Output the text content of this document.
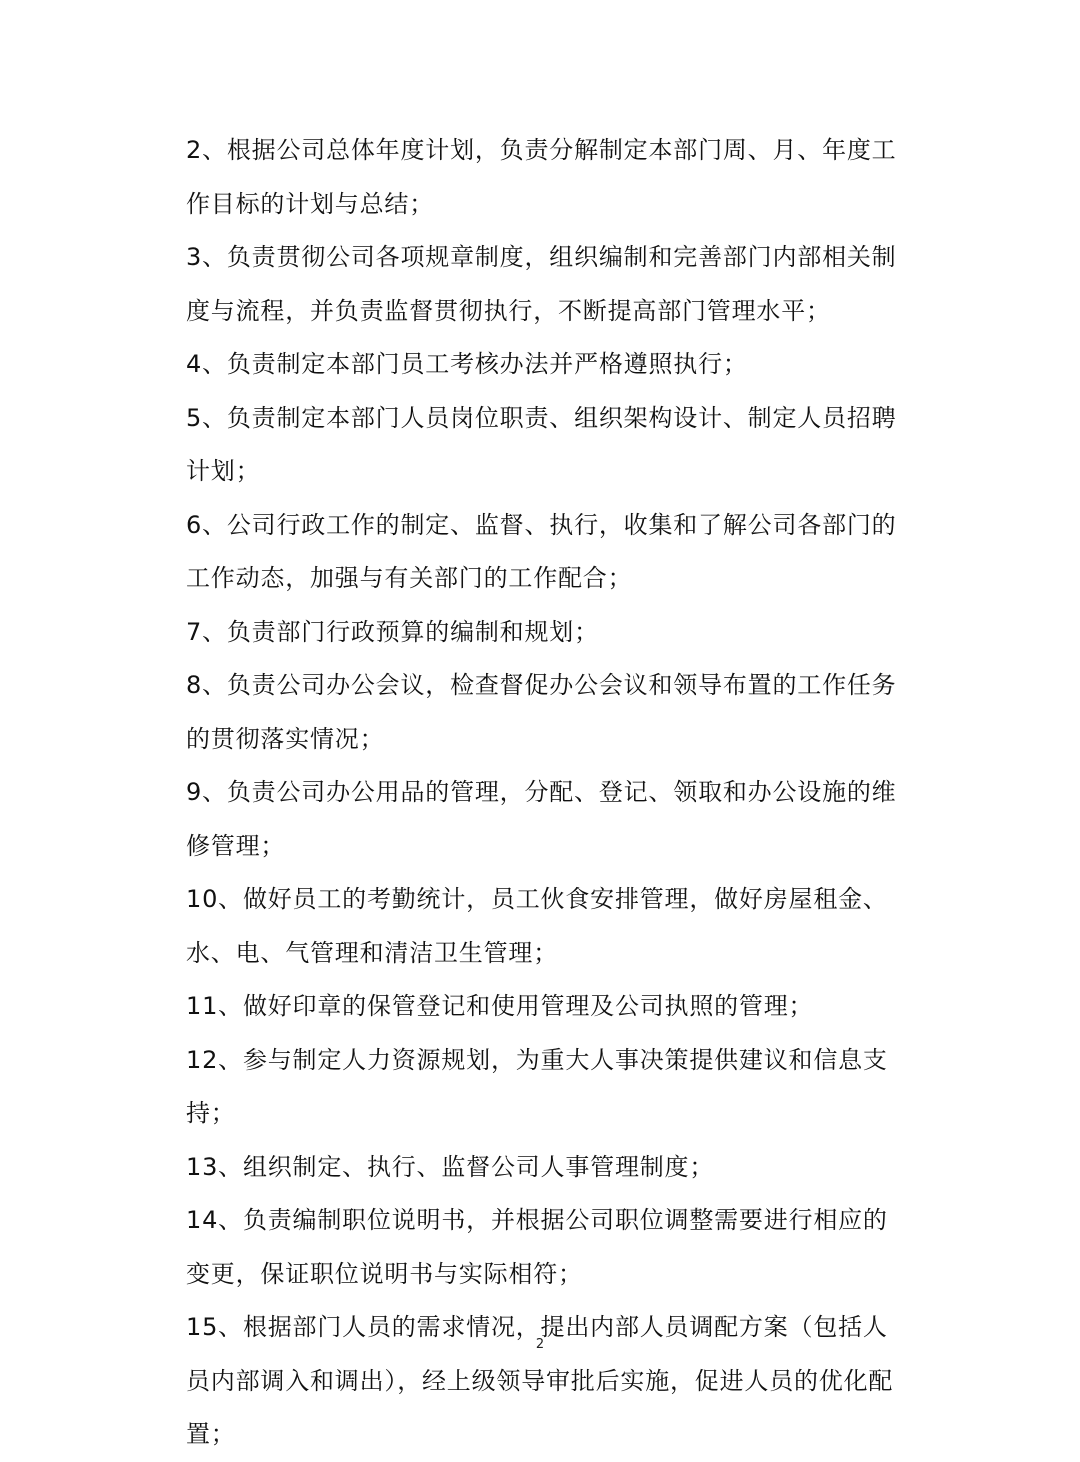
2、根据公司总体年度计划，负责分解制定本部门周、月、年度工作目标的计划与总结；
3、负责贯彻公司各项规章制度，组织编制和完善部门内部相关制度与流程，并负责监督贯彻执行，不断提高部门管理水平；
4、负责制定本部门员工考核办法并严格遵照执行；
5、负责制定本部门人员岗位职责、组织架构设计、制定人员招聘计划；
6、公司行政工作的制定、监督、执行，收集和了解公司各部门的工作动态，加强与有关部门的工作配合；
7、负责部门行政预算的编制和规划；
8、负责公司办公会议，检查督促办公会议和领导布置的工作任务的贯彻落实情况；
9、负责公司办公用品的管理，分配、登记、领取和办公设施的维修管理；
10、做好员工的考勤统计，员工伙食安排管理，做好房屋租金、水、电、气管理和清洁卫生管理；
11、做好印章的保管登记和使用管理及公司执照的管理；
12、参与制定人力资源规划，为重大人事决策提供建议和信息支持；
13、组织制定、执行、监督公司人事管理制度；
14、负责编制职位说明书，并根据公司职位调整需要进行相应的变更，保证职位说明书与实际相符；
15、根据部门人员的需求情况，提出内部人员调配方案（包括人员内部调入和调出），经上级领导审批后实施，促进人员的优化配置；
2
